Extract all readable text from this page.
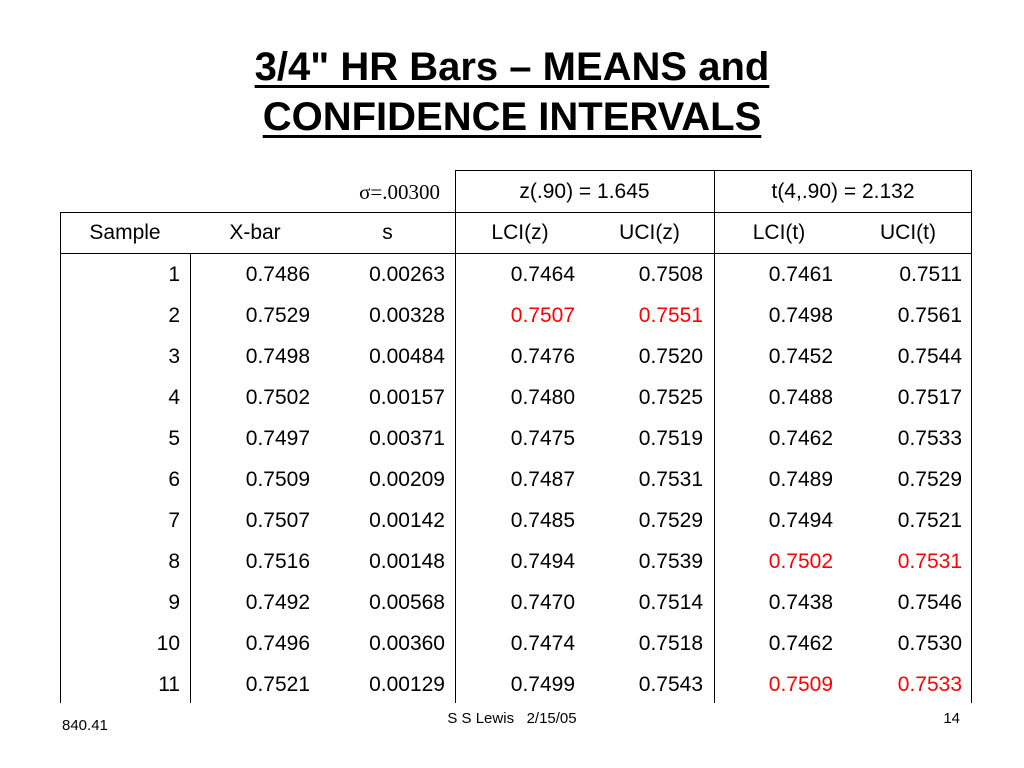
3/4" HR Bars – MEANS and
CONFIDENCE INTERVALS
σ=.00300	z(.90) = 1.645	t(4,.90) = 2.132
Sample	X-bar	s	LCI(z)	UCI(z)	LCI(t)	UCI(t)
1	0.7486	0.00263	0.7464	0.7508	0.7461	0.7511
2	0.7529	0.00328	0.7507	0.7551	0.7498	0.7561
3	0.7498	0.00484	0.7476	0.7520	0.7452	0.7544
4	0.7502	0.00157	0.7480	0.7525	0.7488	0.7517
5	0.7497	0.00371	0.7475	0.7519	0.7462	0.7533
6	0.7509	0.00209	0.7487	0.7531	0.7489	0.7529
7	0.7507	0.00142	0.7485	0.7529	0.7494	0.7521
8	0.7516	0.00148	0.7494	0.7539	0.7502	0.7531
9	0.7492	0.00568	0.7470	0.7514	0.7438	0.7546
10	0.7496	0.00360	0.7474	0.7518	0.7462	0.7530
11	0.7521	0.00129	0.7499	0.7543	0.7509	0.7533
840.41	S S Lewis   2/15/05	14
